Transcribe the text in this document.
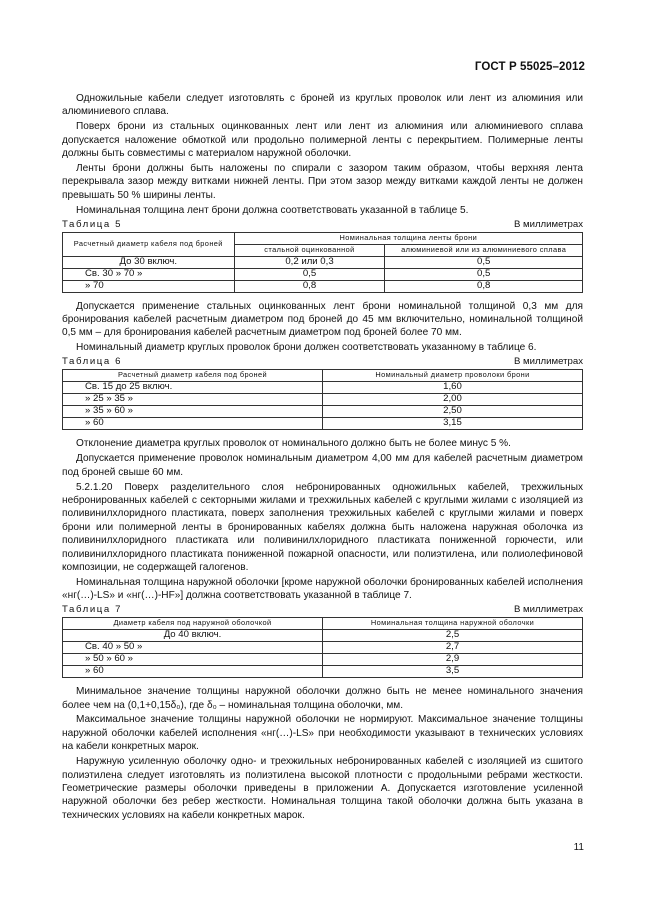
ГОСТ Р 55025–2012

Одножильные кабели следует изготовлять с броней из круглых проволок или лент из алюминия или алюминиевого сплава.

Поверх брони из стальных оцинкованных лент или лент из алюминия или алюминиевого сплава допускается наложение обмоткой или продольно полимерной ленты с перекрытием. Полимерные ленты должны быть совместимы с материалом наружной оболочки.

Ленты брони должны быть наложены по спирали с зазором таким образом, чтобы верхняя лента перекрывала зазор между витками нижней ленты. При этом зазор между витками каждой ленты не должен превышать 50 % ширины ленты.

Номинальная толщина лент брони должна соответствовать указанной в таблице 5.

Таблица 5	В миллиметрах
Расчетный диаметр кабеля под броней	Номинальная толщина ленты брони	
	стальной оцинкованной	алюминиевой или из алюминиевого сплава
До 30 включ.	0,2 или 0,3	0,5
Св. 30 » 70 »	0,5	0,5
» 70	0,8	0,8

Допускается применение стальных оцинкованных лент брони номинальной толщиной 0,3 мм для бронирования кабелей расчетным диаметром под броней до 45 мм включительно, номинальной толщиной 0,5 мм – для бронирования кабелей расчетным диаметром под броней более 70 мм.

Номинальный диаметр круглых проволок брони должен соответствовать указанному в таблице 6.

Таблица 6	В миллиметрах
Расчетный диаметр кабеля под броней	Номинальный диаметр проволоки брони
Св. 15 до 25 включ.	1,60
» 25 » 35 »	2,00
» 35 » 60 »	2,50
» 60	3,15

Отклонение диаметра круглых проволок от номинального должно быть не более минус 5 %.

Допускается применение проволок номинальным диаметром 4,00 мм для кабелей расчетным диаметром под броней свыше 60 мм.

5.2.1.20 Поверх разделительного слоя небронированных одножильных кабелей, трехжильных небронированных кабелей с секторными жилами и трехжильных кабелей с круглыми жилами с изоляцией из поливинилхлоридного пластиката, поверх заполнения трехжильных кабелей с круглыми жилами и поверх брони или полимерной ленты в бронированных кабелях должна быть наложена наружная оболочка из поливинилхлоридного пластиката или поливинилхлоридного пластиката пониженной горючести, или поливинилхлоридного пластиката пониженной пожарной опасности, или полиэтилена, или полиолефиновой композиции, не содержащей галогенов.

Номинальная толщина наружной оболочки [кроме наружной оболочки бронированных кабелей исполнения «нг(…)-LS» и «нг(…)-HF»] должна соответствовать указанной в таблице 7.

Таблица 7	В миллиметрах
Диаметр кабеля под наружной оболочкой	Номинальная толщина наружной оболочки
До 40 включ.	2,5
Св. 40 » 50 »	2,7
» 50 » 60 »	2,9
» 60	3,5

Минимальное значение толщины наружной оболочки должно быть не менее номинального значения более чем на (0,1+0,15δ₀), где δ₀ – номинальная толщина оболочки, мм.

Максимальное значение толщины наружной оболочки не нормируют. Максимальное значение толщины наружной оболочки кабелей исполнения «нг(…)-LS» при необходимости указывают в технических условиях на кабели конкретных марок.

Наружную усиленную оболочку одно- и трехжильных небронированных кабелей с изоляцией из сшитого полиэтилена следует изготовлять из полиэтилена высокой плотности с продольными ребрами жесткости. Геометрические размеры оболочки приведены в приложении А. Допускается изготовление усиленной наружной оболочки без ребер жесткости. Номинальная толщина такой оболочки должна быть указана в технических условиях на кабели конкретных марок.

11
